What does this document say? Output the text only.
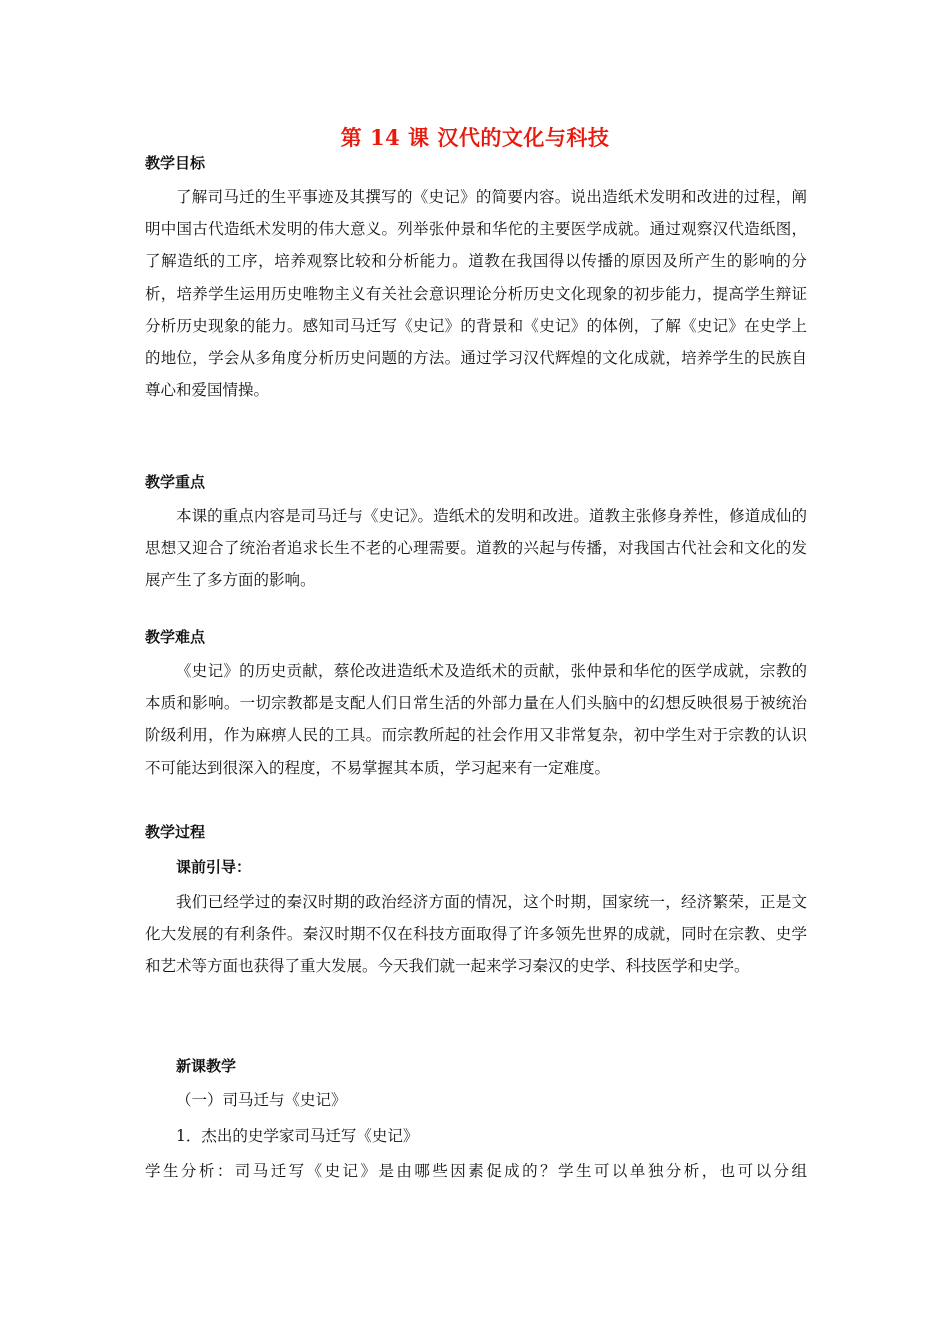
第 14 课 汉代的文化与科技
教学目标

了解司马迁的生平事迹及其撰写的《史记》的简要内容。说出造纸术发明和改进的过程，阐明中国古代造纸术发明的伟大意义。列举张仲景和华佗的主要医学成就。通过观察汉代造纸图，了解造纸的工序，培养观察比较和分析能力。道教在我国得以传播的原因及所产生的影响的分析，培养学生运用历史唯物主义有关社会意识理论分析历史文化现象的初步能力，提高学生辩证分析历史现象的能力。感知司马迁写《史记》的背景和《史记》的体例，了解《史记》在史学上的地位，学会从多角度分析历史问题的方法。通过学习汉代辉煌的文化成就，培养学生的民族自尊心和爱国情操。

教学重点

本课的重点内容是司马迁与《史记》。造纸术的发明和改进。道教主张修身养性，修道成仙的思想又迎合了统治者追求长生不老的心理需要。道教的兴起与传播，对我国古代社会和文化的发展产生了多方面的影响。

教学难点

《史记》的历史贡献，蔡伦改进造纸术及造纸术的贡献，张仲景和华佗的医学成就，宗教的本质和影响。一切宗教都是支配人们日常生活的外部力量在人们头脑中的幻想反映很易于被统治阶级利用，作为麻痹人民的工具。而宗教所起的社会作用又非常复杂，初中学生对于宗教的认识不可能达到很深入的程度，不易掌握其本质，学习起来有一定难度。

教学过程
课前引导：

我们已经学过的秦汉时期的政治经济方面的情况，这个时期，国家统一，经济繁荣，正是文化大发展的有利条件。秦汉时期不仅在科技方面取得了许多领先世界的成就，同时在宗教、史学和艺术等方面也获得了重大发展。今天我们就一起来学习秦汉的史学、科技医学和史学。

新课教学
（一）司马迁与《史记》
1．杰出的史学家司马迁写《史记》
学生分析：司马迁写《史记》是由哪些因素促成的？学生可以单独分析，也可以分组
